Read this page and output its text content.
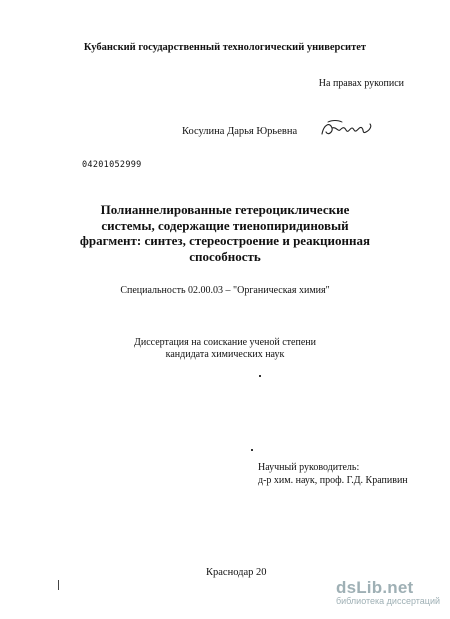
Кубанский государственный технологический университет
На правах рукописи
Косулина Дарья Юрьевна
04201052999
Полианнелированные гетероциклические
системы, содержащие тиенопиридиновый
фрагмент: синтез, стереостроение и реакционная
способность
Специальность 02.00.03 – "Органическая химия"
Диссертация на соискание ученой степени
кандидата химических наук
Научный руководитель:
д-р хим. наук, проф. Г.Д. Крапивин
Краснодар 20
dsLib.net
библиотека диссертаций
